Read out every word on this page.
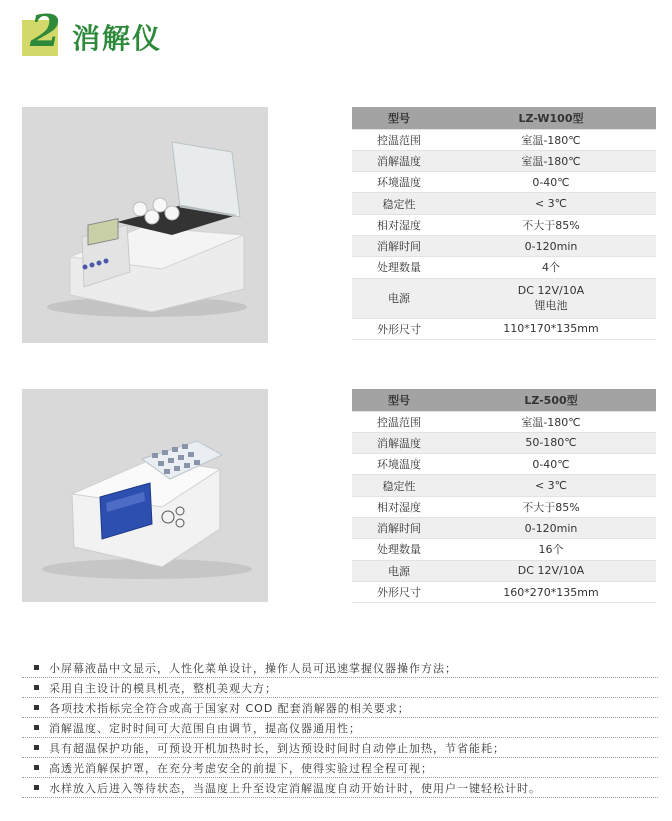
2 消解仪
型号	LZ-W100型
控温范围	室温-180℃
消解温度	室温-180℃
环境温度	0-40℃
稳定性	< 3℃
相对湿度	不大于85%
消解时间	0-120min
处理数量	4个
电源	DC 12V/10A
锂电池

外形尺寸	110*170*135mm
型号	LZ-500型
控温范围	室温-180℃
消解温度	50-180℃
环境温度	0-40℃
稳定性	< 3℃
相对湿度	不大于85%
消解时间	0-120min
处理数量	16个
电源	DC 12V/10A
外形尺寸	160*270*135mm
小屏幕液晶中文显示，人性化菜单设计，操作人员可迅速掌握仪器操作方法；
采用自主设计的模具机壳，整机美观大方；
各项技术指标完全符合或高于国家对 COD 配套消解器的相关要求；
消解温度、定时时间可大范围自由调节，提高仪器通用性；
具有超温保护功能，可预设开机加热时长，到达预设时间时自动停止加热，节省能耗；
高透光消解保护罩，在充分考虑安全的前提下，使得实验过程全程可视；
水样放入后进入等待状态，当温度上升至设定消解温度自动开始计时，使用户一键轻松计时。
